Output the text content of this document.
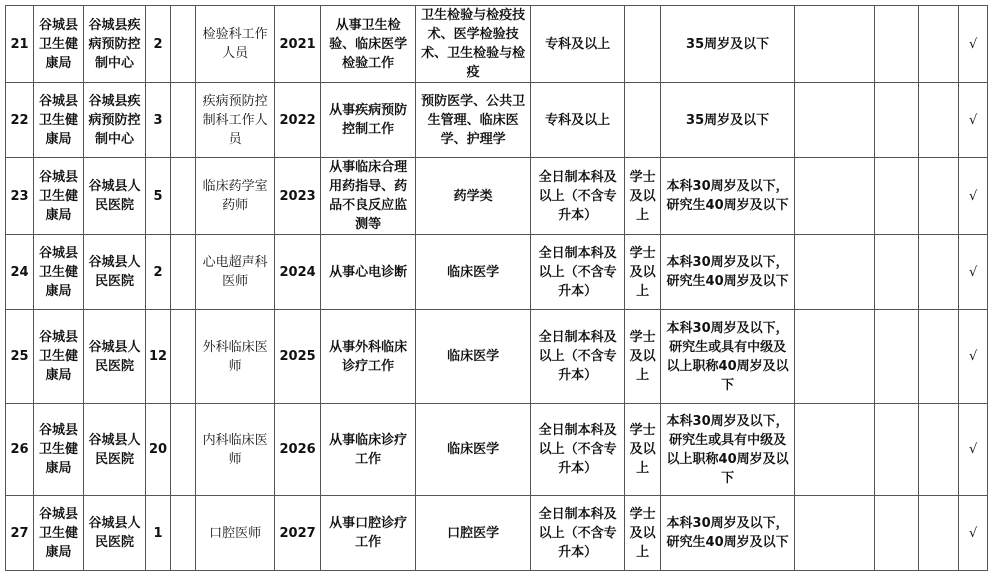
21	谷城县卫生健康局	谷城县疾病预防控制中心	2		检验科工作人员	2021	从事卫生检验、临床医学检验工作	卫生检验与检疫技术、医学检验技术、卫生检验与检疫	专科及以上		35周岁及以下				√
22	谷城县卫生健康局	谷城县疾病预防控制中心	3		疾病预防控制科工作人员	2022	从事疾病预防控制工作	预防医学、公共卫生管理、临床医学、护理学	专科及以上		35周岁及以下				√
23	谷城县卫生健康局	谷城县人民医院	5		临床药学室药师	2023	从事临床合理用药指导、药品不良反应监测等	药学类	全日制本科及以上（不含专升本）	学士及以上	本科30周岁及以下，研究生40周岁及以下				√
24	谷城县卫生健康局	谷城县人民医院	2		心电超声科医师	2024	从事心电诊断	临床医学	全日制本科及以上（不含专升本）	学士及以上	本科30周岁及以下，研究生40周岁及以下				√
25	谷城县卫生健康局	谷城县人民医院	12		外科临床医师	2025	从事外科临床诊疗工作	临床医学	全日制本科及以上（不含专升本）	学士及以上	本科30周岁及以下，研究生或具有中级及以上职称40周岁及以下				√
26	谷城县卫生健康局	谷城县人民医院	20		内科临床医师	2026	从事临床诊疗工作	临床医学	全日制本科及以上（不含专升本）	学士及以上	本科30周岁及以下，研究生或具有中级及以上职称40周岁及以下				√
27	谷城县卫生健康局	谷城县人民医院	1		口腔医师	2027	从事口腔诊疗工作	口腔医学	全日制本科及以上（不含专升本）	学士及以上	本科30周岁及以下，研究生40周岁及以下				√
